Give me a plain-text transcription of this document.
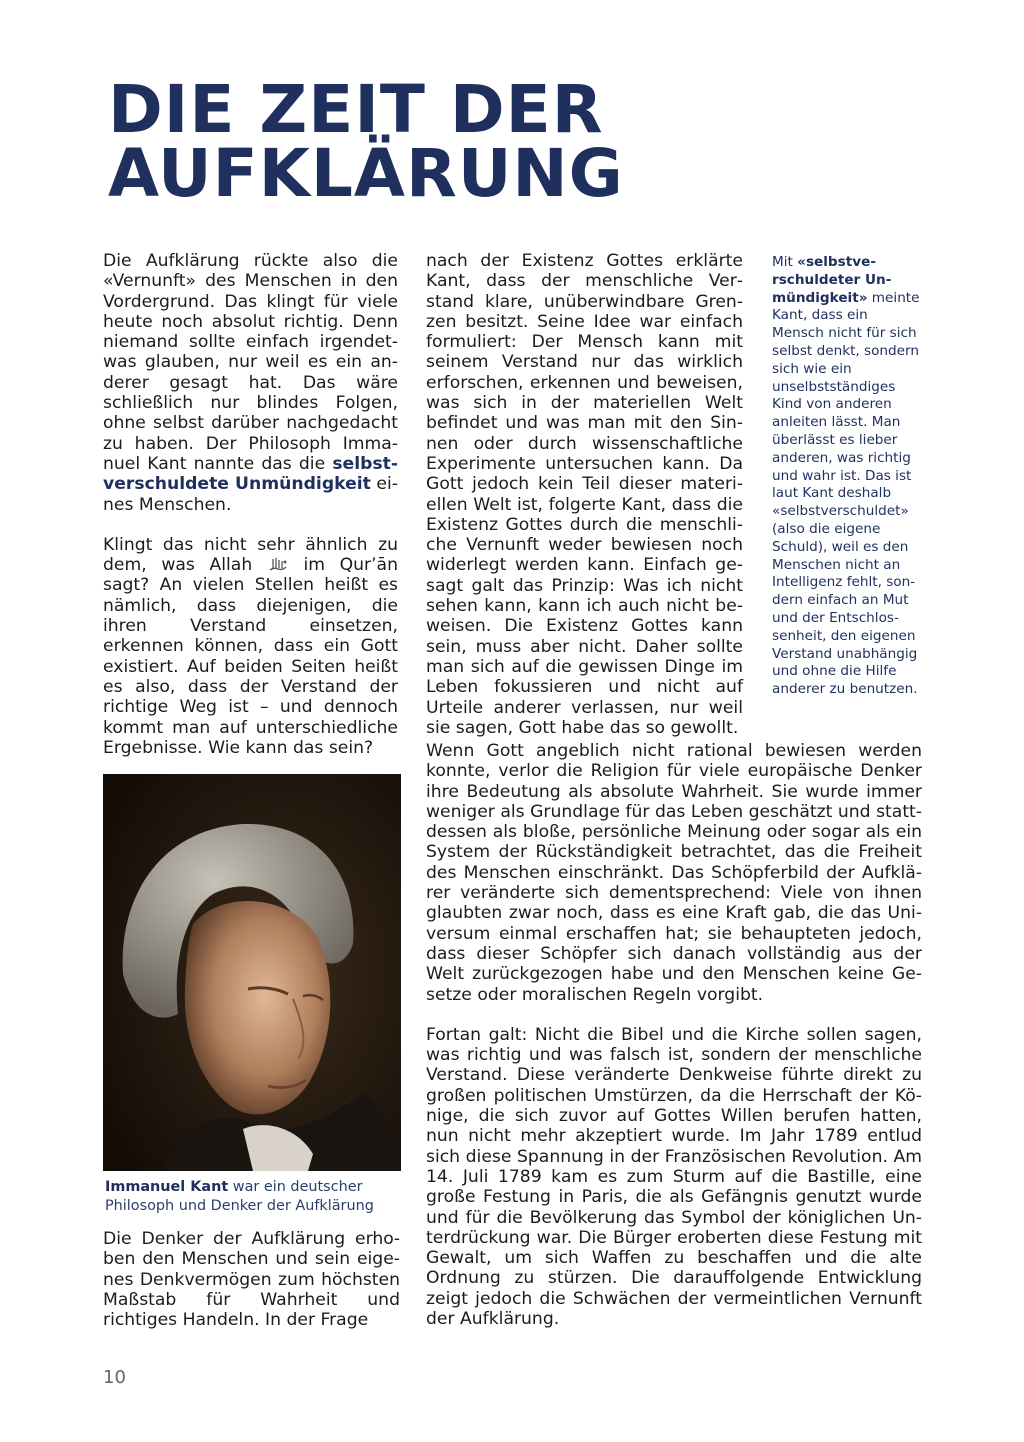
DIE ZEIT DER
AUFKLÄRUNG

Die Aufklärung rückte also die «Vernunft» des Menschen in den Vordergrund. Das klingt für viele heute noch absolut richtig. Denn niemand sollte einfach irgendetwas glauben, nur weil es ein anderer gesagt hat. Das wäre schließlich nur blindes Folgen, ohne selbst darüber nachgedacht zu haben. Der Philosoph Immanuel Kant nannte das die selbstverschuldete Unmündigkeit eines Menschen.

Klingt das nicht sehr ähnlich zu dem, was Allah  im Qur’ān sagt? An vielen Stellen heißt es nämlich, dass diejenigen, die ihren Verstand einsetzen, erkennen können, dass ein Gott existiert. Auf beiden Seiten heißt es also, dass der Verstand der richtige Weg ist – und dennoch kommt man auf unterschiedliche Ergebnisse. Wie kann das sein?

Immanuel Kant war ein deutscher Philosoph und Denker der Aufklärung

Die Denker der Aufklärung erhoben den Menschen und sein eigenes Denkvermögen zum höchsten Maßstab für Wahrheit und richtiges Handeln. In der Frage

nach der Existenz Gottes erklärte Kant, dass der menschliche Verstand klare, unüberwindbare Grenzen besitzt. Seine Idee war einfach formuliert: Der Mensch kann mit seinem Verstand nur das wirklich erforschen, erkennen und beweisen, was sich in der materiellen Welt befindet und was man mit den Sinnen oder durch wissenschaftliche Experimente untersuchen kann. Da Gott jedoch kein Teil dieser materiellen Welt ist, folgerte Kant, dass die Existenz Gottes durch die menschliche Vernunft weder bewiesen noch widerlegt werden kann. Einfach gesagt galt das Prinzip: Was ich nicht sehen kann, kann ich auch nicht beweisen. Die Existenz Gottes kann sein, muss aber nicht. Daher sollte man sich auf die gewissen Dinge im Leben fokussieren und nicht auf Urteile anderer verlassen, nur weil sie sagen, Gott habe das so gewollt.

Mit «selbstverschuldeter Unmündigkeit» meinte Kant, dass ein Mensch nicht für sich selbst denkt, sondern sich wie ein unselbstständiges Kind von anderen anleiten lässt. Man überlässt es lieber anderen, was richtig und wahr ist. Das ist laut Kant deshalb «selbstverschuldet» (also die eigene Schuld), weil es den Menschen nicht an Intelligenz fehlt, sondern einfach an Mut und der Entschlossenheit, den eigenen Verstand unabhängig und ohne die Hilfe anderer zu benutzen.

Wenn Gott angeblich nicht rational bewiesen werden konnte, verlor die Religion für viele europäische Denker ihre Bedeutung als absolute Wahrheit. Sie wurde immer weniger als Grundlage für das Leben geschätzt und stattdessen als bloße, persönliche Meinung oder sogar als ein System der Rückständigkeit betrachtet, das die Freiheit des Menschen einschränkt. Das Schöpferbild der Aufklärer veränderte sich dementsprechend: Viele von ihnen glaubten zwar noch, dass es eine Kraft gab, die das Universum einmal erschaffen hat; sie behaupteten jedoch, dass dieser Schöpfer sich danach vollständig aus der Welt zurückgezogen habe und den Menschen keine Gesetze oder moralischen Regeln vorgibt.

Fortan galt: Nicht die Bibel und die Kirche sollen sagen, was richtig und was falsch ist, sondern der menschliche Verstand. Diese veränderte Denkweise führte direkt zu großen politischen Umstürzen, da die Herrschaft der Könige, die sich zuvor auf Gottes Willen berufen hatten, nun nicht mehr akzeptiert wurde. Im Jahr 1789 entlud sich diese Spannung in der Französischen Revolution. Am 14. Juli 1789 kam es zum Sturm auf die Bastille, eine große Festung in Paris, die als Gefängnis genutzt wurde und für die Bevölkerung das Symbol der königlichen Unterdrückung war. Die Bürger eroberten diese Festung mit Gewalt, um sich Waffen zu beschaffen und die alte Ordnung zu stürzen. Die darauffolgende Entwicklung zeigt jedoch die Schwächen der vermeintlichen Vernunft der Aufklärung.

10
